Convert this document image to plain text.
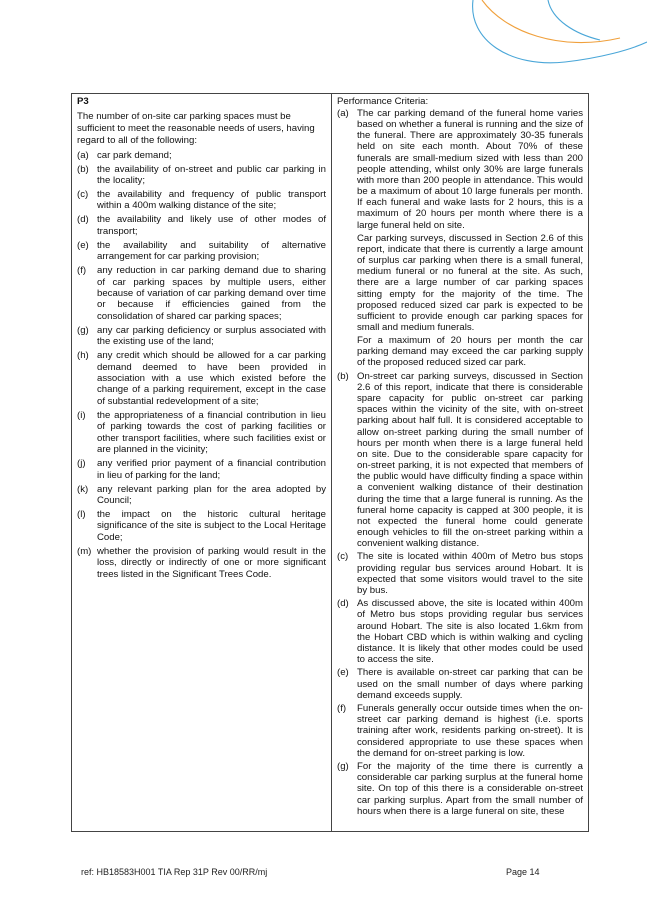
P3
The number of on-site car parking spaces must be sufficient to meet the reasonable needs of users, having regard to all of the following:
(a) car park demand;
(b) the availability of on-street and public car parking in the locality;
(c) the availability and frequency of public transport within a 400m walking distance of the site;
(d) the availability and likely use of other modes of transport;
(e) the availability and suitability of alternative arrangement for car parking provision;
(f) any reduction in car parking demand due to sharing of car parking spaces by multiple users, either because of variation of car parking demand over time or because if efficiencies gained from the consolidation of shared car parking spaces;
(g) any car parking deficiency or surplus associated with the existing use of the land;
(h) any credit which should be allowed for a car parking demand deemed to have been provided in association with a use which existed before the change of a parking requirement, except in the case of substantial redevelopment of a site;
(i) the appropriateness of a financial contribution in lieu of parking towards the cost of parking facilities or other transport facilities, where such facilities exist or are planned in the vicinity;
(j) any verified prior payment of a financial contribution in lieu of parking for the land;
(k) any relevant parking plan for the area adopted by Council;
(l) the impact on the historic cultural heritage significance of the site is subject to the Local Heritage Code;
(m) whether the provision of parking would result in the loss, directly or indirectly of one or more significant trees listed in the Significant Trees Code.

Performance Criteria:
(a) The car parking demand of the funeral home varies based on whether a funeral is running and the size of the funeral. There are approximately 30-35 funerals held on site each month. About 70% of these funerals are small-medium sized with less than 200 people attending, whilst only 30% are large funerals with more than 200 people in attendance. This would be a maximum of about 10 large funerals per month. If each funeral and wake lasts for 2 hours, this is a maximum of 20 hours per month where there is a large funeral held on site.

Car parking surveys, discussed in Section 2.6 of this report, indicate that there is currently a large amount of surplus car parking when there is a small funeral, medium funeral or no funeral at the site. As such, there are a large number of car parking spaces sitting empty for the majority of the time. The proposed reduced sized car park is expected to be sufficient to provide enough car parking spaces for small and medium funerals.

For a maximum of 20 hours per month the car parking demand may exceed the car parking supply of the proposed reduced sized car park.

(b) On-street car parking surveys, discussed in Section 2.6 of this report, indicate that there is considerable spare capacity for public on-street car parking spaces within the vicinity of the site, with on-street parking about half full. It is considered acceptable to allow on-street parking during the small number of hours per month when there is a large funeral held on site. Due to the considerable spare capacity for on-street parking, it is not expected that members of the public would have difficulty finding a space within a convenient walking distance of their destination during the time that a large funeral is running. As the funeral home capacity is capped at 300 people, it is not expected the funeral home could generate enough vehicles to fill the on-street parking within a convenient walking distance.

(c) The site is located within 400m of Metro bus stops providing regular bus services around Hobart. It is expected that some visitors would travel to the site by bus.

(d) As discussed above, the site is located within 400m of Metro bus stops providing regular bus services around Hobart. The site is also located 1.6km from the Hobart CBD which is within walking and cycling distance. It is likely that other modes could be used to access the site.

(e) There is available on-street car parking that can be used on the small number of days where parking demand exceeds supply.

(f) Funerals generally occur outside times when the on-street car parking demand is highest (i.e. sports training after work, residents parking on-street). It is considered appropriate to use these spaces when the demand for on-street parking is low.

(g) For the majority of the time there is currently a considerable car parking surplus at the funeral home site. On top of this there is a considerable on-street car parking surplus. Apart from the small number of hours when there is a large funeral on site, these

ref: HB18583H001 TIA Rep 31P Rev 00/RR/mj	Page 14
